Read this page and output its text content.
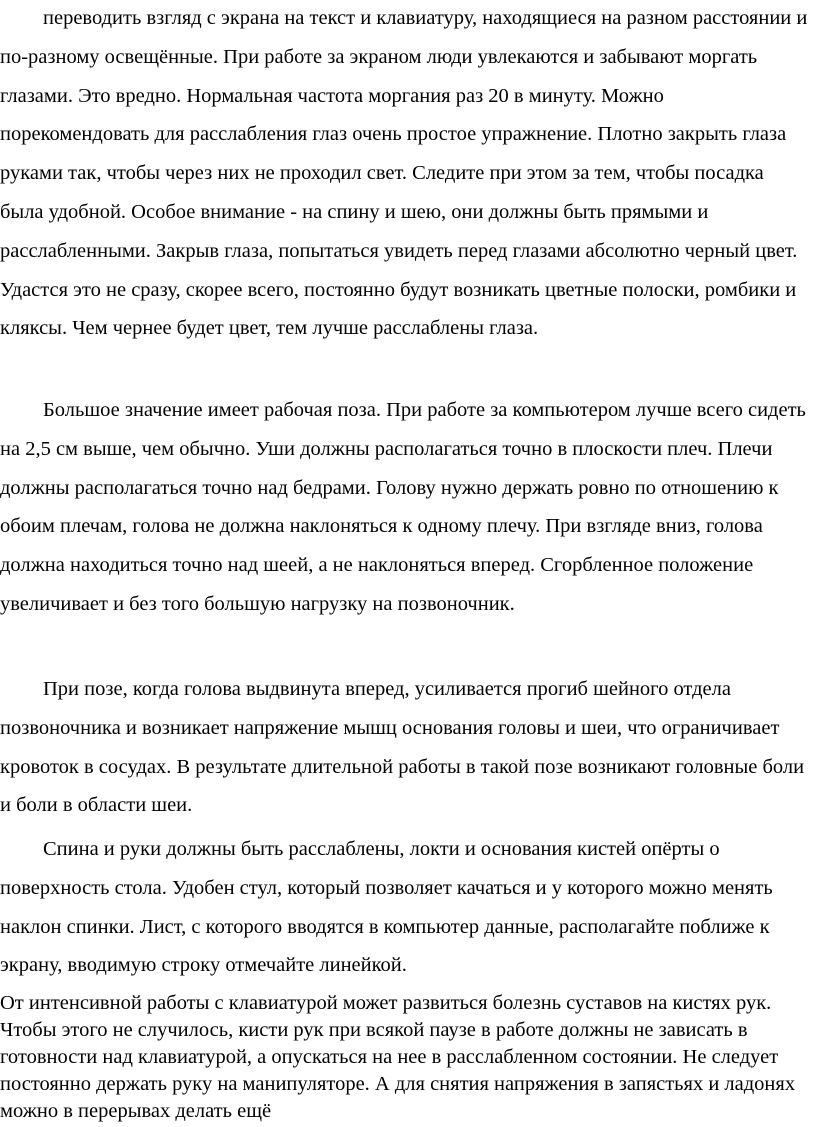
переводить взгляд с экрана на текст и клавиатуру, находящиеся на разном расстоянии и по-разному освещённые. При работе за экраном люди увлекаются и забывают моргать глазами. Это вредно. Нормальная частота моргания раз 20 в минуту. Можно порекомендовать для расслабления глаз очень простое упражнение. Плотно закрыть глаза руками так, чтобы через них не проходил свет. Следите при этом за тем, чтобы посадка была удобной. Особое внимание - на спину и шею, они должны быть прямыми и расслабленными. Закрыв глаза, попытаться увидеть перед глазами абсолютно черный цвет. Удастся это не сразу, скорее всего, постоянно будут возникать цветные полоски, ромбики и кляксы. Чем чернее будет цвет, тем лучше расслаблены глаза.

Большое значение имеет рабочая поза. При работе за компьютером лучше всего сидеть на 2,5 см выше, чем обычно. Уши должны располагаться точно в плоскости плеч. Плечи должны располагаться точно над бедрами. Голову нужно держать ровно по отношению к обоим плечам, голова не должна наклоняться к одному плечу. При взгляде вниз, голова должна находиться точно над шеей, а не наклоняться вперед. Сгорбленное положение увеличивает и без того большую нагрузку на позвоночник.

При позе, когда голова выдвинута вперед, усиливается прогиб шейного отдела позвоночника и возникает напряжение мышц основания головы и шеи, что ограничивает кровоток в сосудах. В результате длительной работы в такой позе возникают головные боли и боли в области шеи.

Спина и руки должны быть расслаблены, локти и основания кистей опёрты о поверхность стола. Удобен стул, который позволяет качаться и у которого можно менять наклон спинки. Лист, с которого вводятся в компьютер данные, располагайте поближе к экрану, вводимую строку отмечайте линейкой.

От интенсивной работы с клавиатурой может развиться болезнь суставов на кистях рук. Чтобы этого не случилось, кисти рук при всякой паузе в работе должны не зависать в готовности над клавиатурой, а опускаться на нее в расслабленном состоянии. Не следует постоянно держать руку на манипуляторе. А для снятия напряжения в запястьях и ладонях можно в перерывах делать ещё
